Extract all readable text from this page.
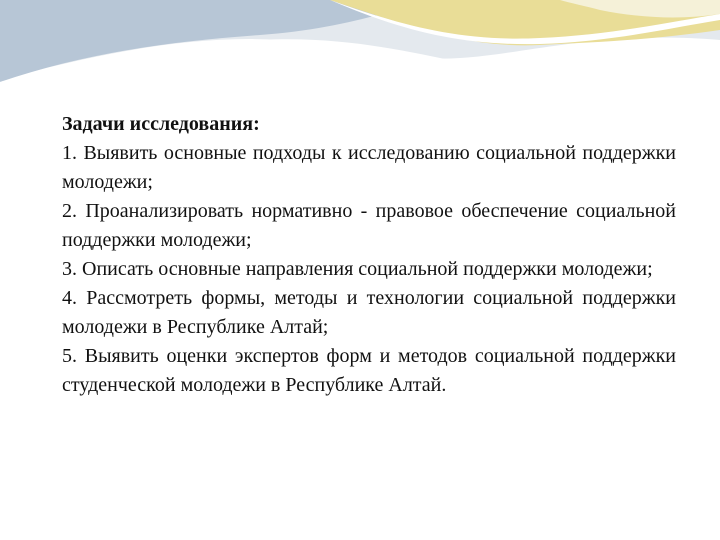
Задачи исследования:

1. Выявить основные подходы к исследованию социальной поддержки молодежи;

2. Проанализировать нормативно - правовое обеспечение социальной поддержки молодежи;

3. Описать основные направления социальной поддержки молодежи;

4. Рассмотреть формы, методы и технологии социальной поддержки молодежи в Республике Алтай;

5. Выявить оценки экспертов форм и методов социальной поддержки студенческой молодежи в Республике Алтай.
